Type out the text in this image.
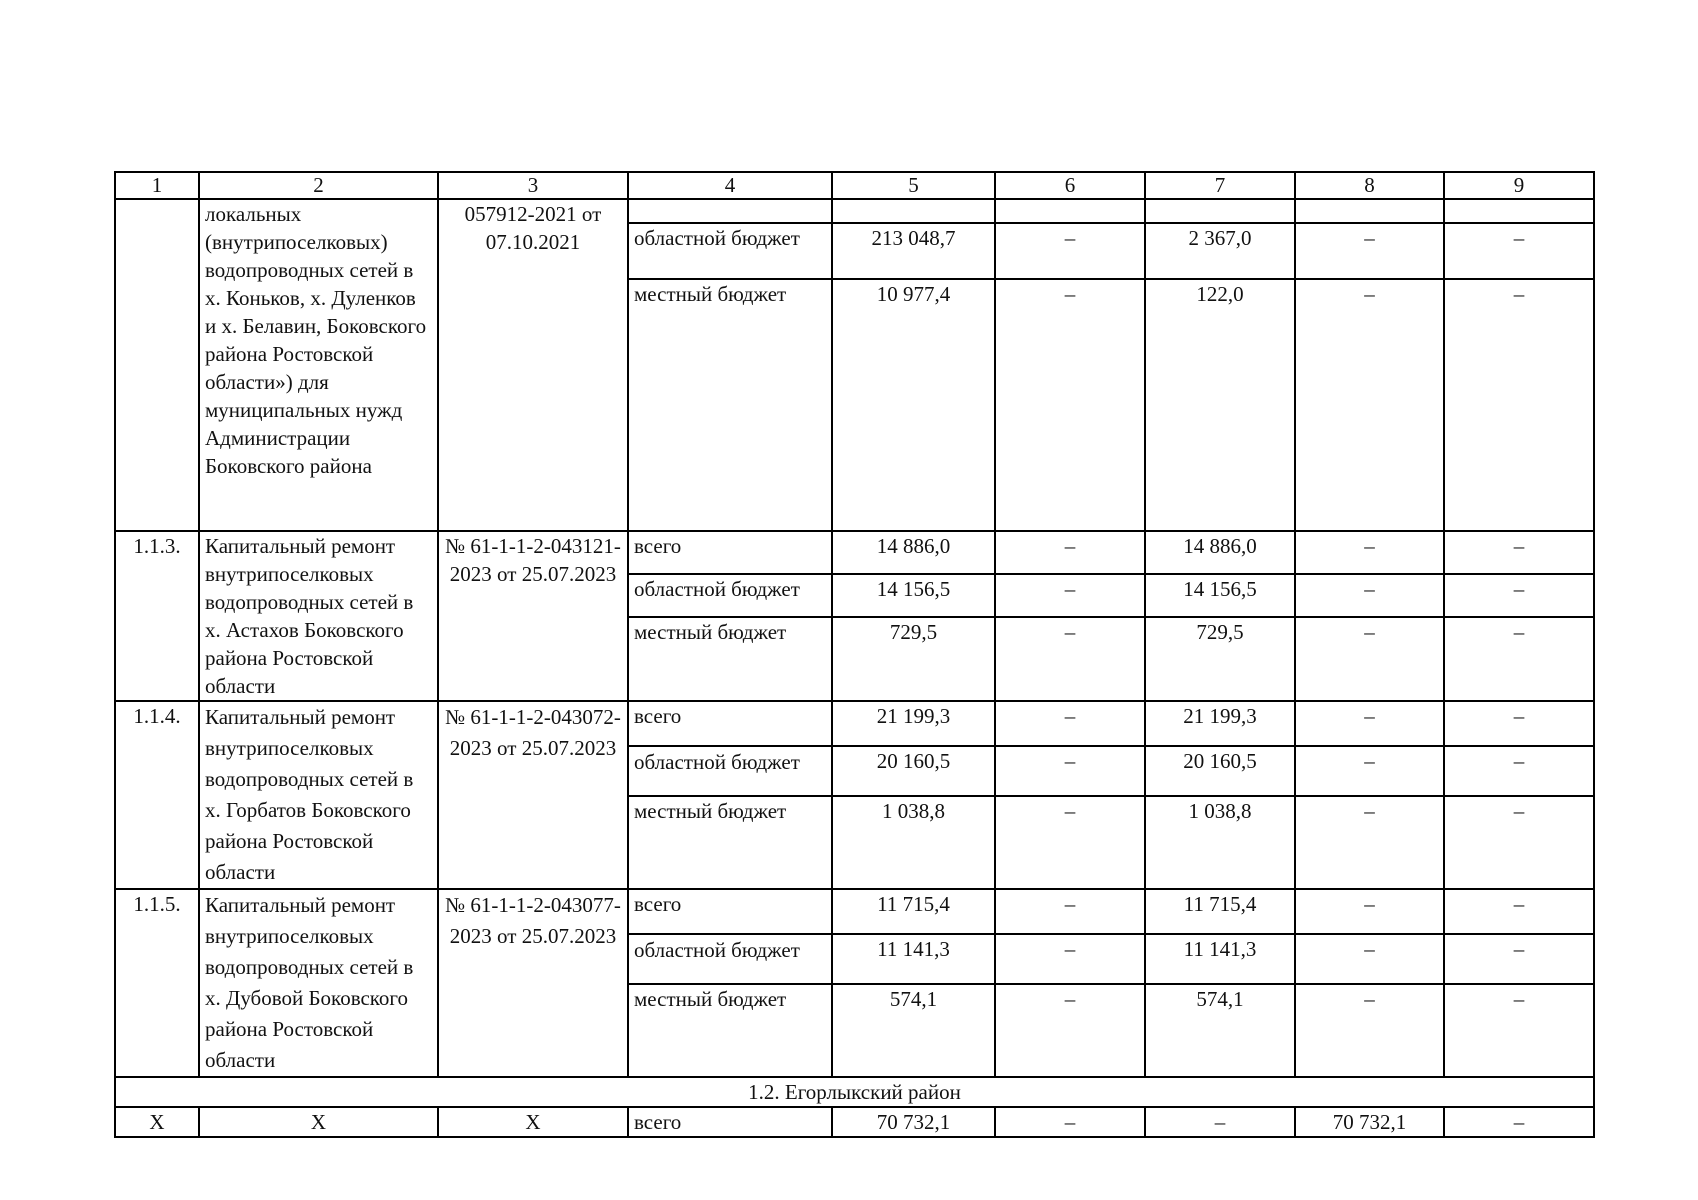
1	2	3	4	5	6	7	8	9
	локальных (внутрипоселковых) водопроводных сетей в х. Коньков, х. Дуленков и х. Белавин, Боковского района Ростовской области») для муниципальных нужд Администрации Боковского района	057912-2021 от 07.10.2021						
			областной бюджет	213 048,7	–	2 367,0	–	–
			местный бюджет	10 977,4	–	122,0	–	–
1.1.3.	Капитальный ремонт внутрипоселковых водопроводных сетей в х. Астахов Боковского района Ростовской области	№ 61-1-1-2-043121-2023 от 25.07.2023	всего	14 886,0	–	14 886,0	–	–
			областной бюджет	14 156,5	–	14 156,5	–	–
			местный бюджет	729,5	–	729,5	–	–
1.1.4.	Капитальный ремонт внутрипоселковых водопроводных сетей в х. Горбатов Боковского района Ростовской области	№ 61-1-1-2-043072-2023 от 25.07.2023	всего	21 199,3	–	21 199,3	–	–
			областной бюджет	20 160,5	–	20 160,5	–	–
			местный бюджет	1 038,8	–	1 038,8	–	–
1.1.5.	Капитальный ремонт внутрипоселковых водопроводных сетей в х. Дубовой Боковского района Ростовской области	№ 61-1-1-2-043077-2023 от 25.07.2023	всего	11 715,4	–	11 715,4	–	–
			областной бюджет	11 141,3	–	11 141,3	–	–
			местный бюджет	574,1	–	574,1	–	–
1.2. Егорлыкский район								
X	X	X	всего	70 732,1	–	–	70 732,1	–
